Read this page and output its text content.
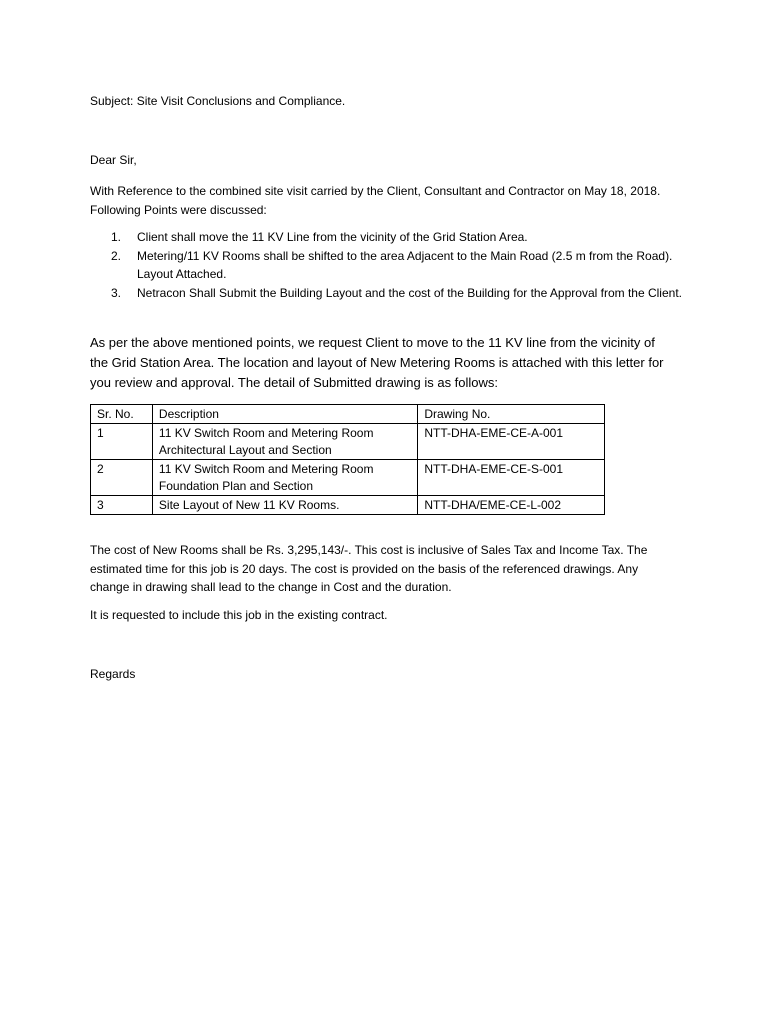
Subject: Site Visit Conclusions and Compliance.
Dear Sir,
With Reference to the combined site visit carried by the Client, Consultant and Contractor on May 18, 2018. Following Points were discussed:
1. Client shall move the 11 KV Line from the vicinity of the Grid Station Area.
2. Metering/11 KV Rooms shall be shifted to the area Adjacent to the Main Road (2.5 m from the Road). Layout Attached.
3. Netracon Shall Submit the Building Layout and the cost of the Building for the Approval from the Client.
As per the above mentioned points, we request Client to move to the 11 KV line from the vicinity of the Grid Station Area. The location and layout of New Metering Rooms is attached with this letter for you review and approval. The detail of Submitted drawing is as follows:
Sr. No.	Description	Drawing No.
1	11 KV Switch Room and Metering Room Architectural Layout and Section	NTT-DHA-EME-CE-A-001
2	11 KV Switch Room and Metering Room Foundation Plan and Section	NTT-DHA-EME-CE-S-001
3	Site Layout of New 11 KV Rooms.	NTT-DHA/EME-CE-L-002
The cost of New Rooms shall be Rs. 3,295,143/-. This cost is inclusive of Sales Tax and Income Tax. The estimated time for this job is 20 days. The cost is provided on the basis of the referenced drawings. Any change in drawing shall lead to the change in Cost and the duration.
It is requested to include this job in the existing contract.
Regards
